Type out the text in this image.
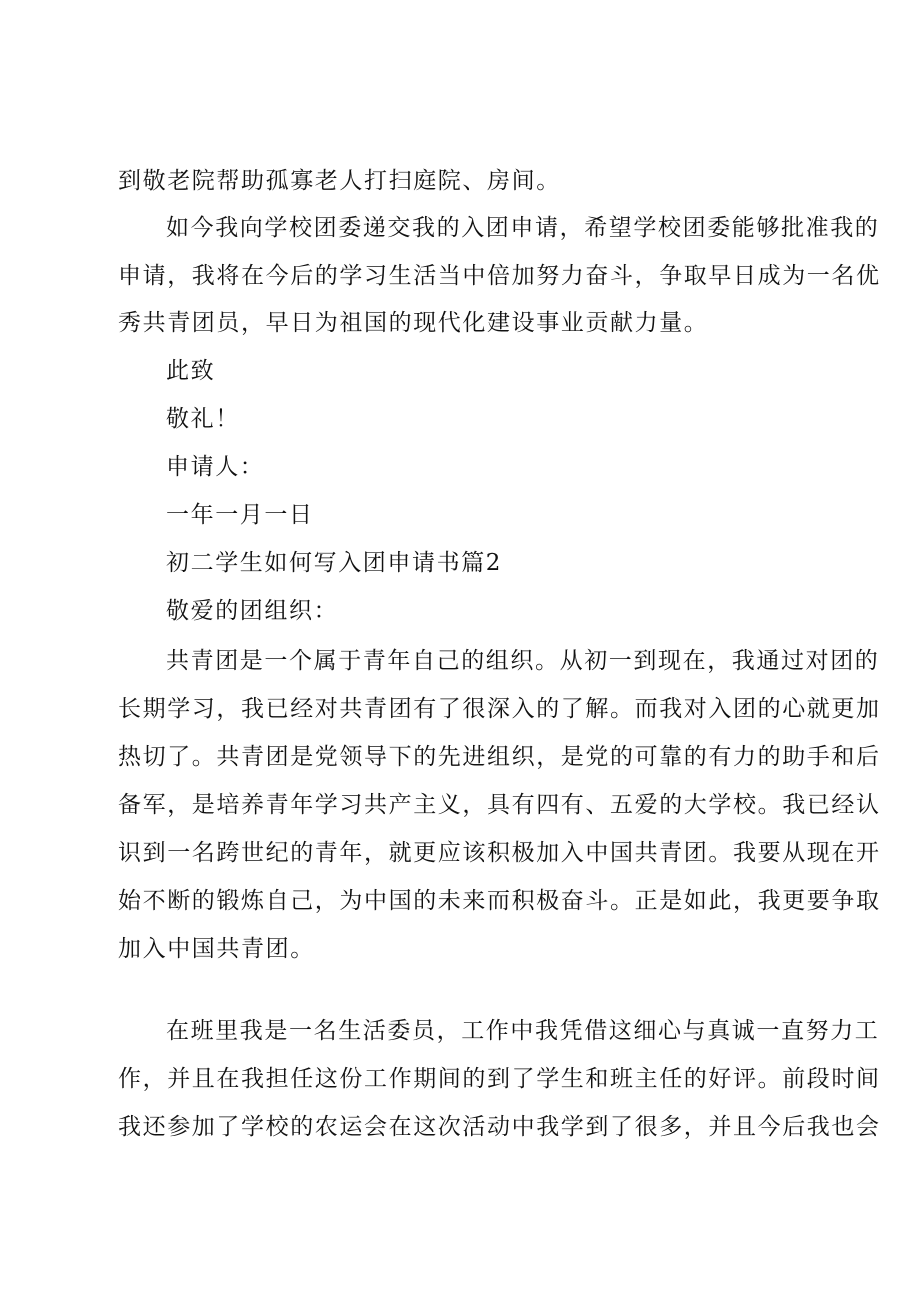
到敬老院帮助孤寡老人打扫庭院、房间。
如今我向学校团委递交我的入团申请，希望学校团委能够批准我的
申请，我将在今后的学习生活当中倍加努力奋斗，争取早日成为一名优
秀共青团员，早日为祖国的现代化建设事业贡献力量。
此致
敬礼！
申请人：
一年一月一日
初二学生如何写入团申请书篇2
敬爱的团组织：
共青团是一个属于青年自己的组织。从初一到现在，我通过对团的
长期学习，我已经对共青团有了很深入的了解。而我对入团的心就更加
热切了。共青团是党领导下的先进组织，是党的可靠的有力的助手和后
备军，是培养青年学习共产主义，具有四有、五爱的大学校。我已经认
识到一名跨世纪的青年，就更应该积极加入中国共青团。我要从现在开
始不断的锻炼自己，为中国的未来而积极奋斗。正是如此，我更要争取
加入中国共青团。
在班里我是一名生活委员，工作中我凭借这细心与真诚一直努力工
作，并且在我担任这份工作期间的到了学生和班主任的好评。前段时间
我还参加了学校的农运会在这次活动中我学到了很多，并且今后我也会
